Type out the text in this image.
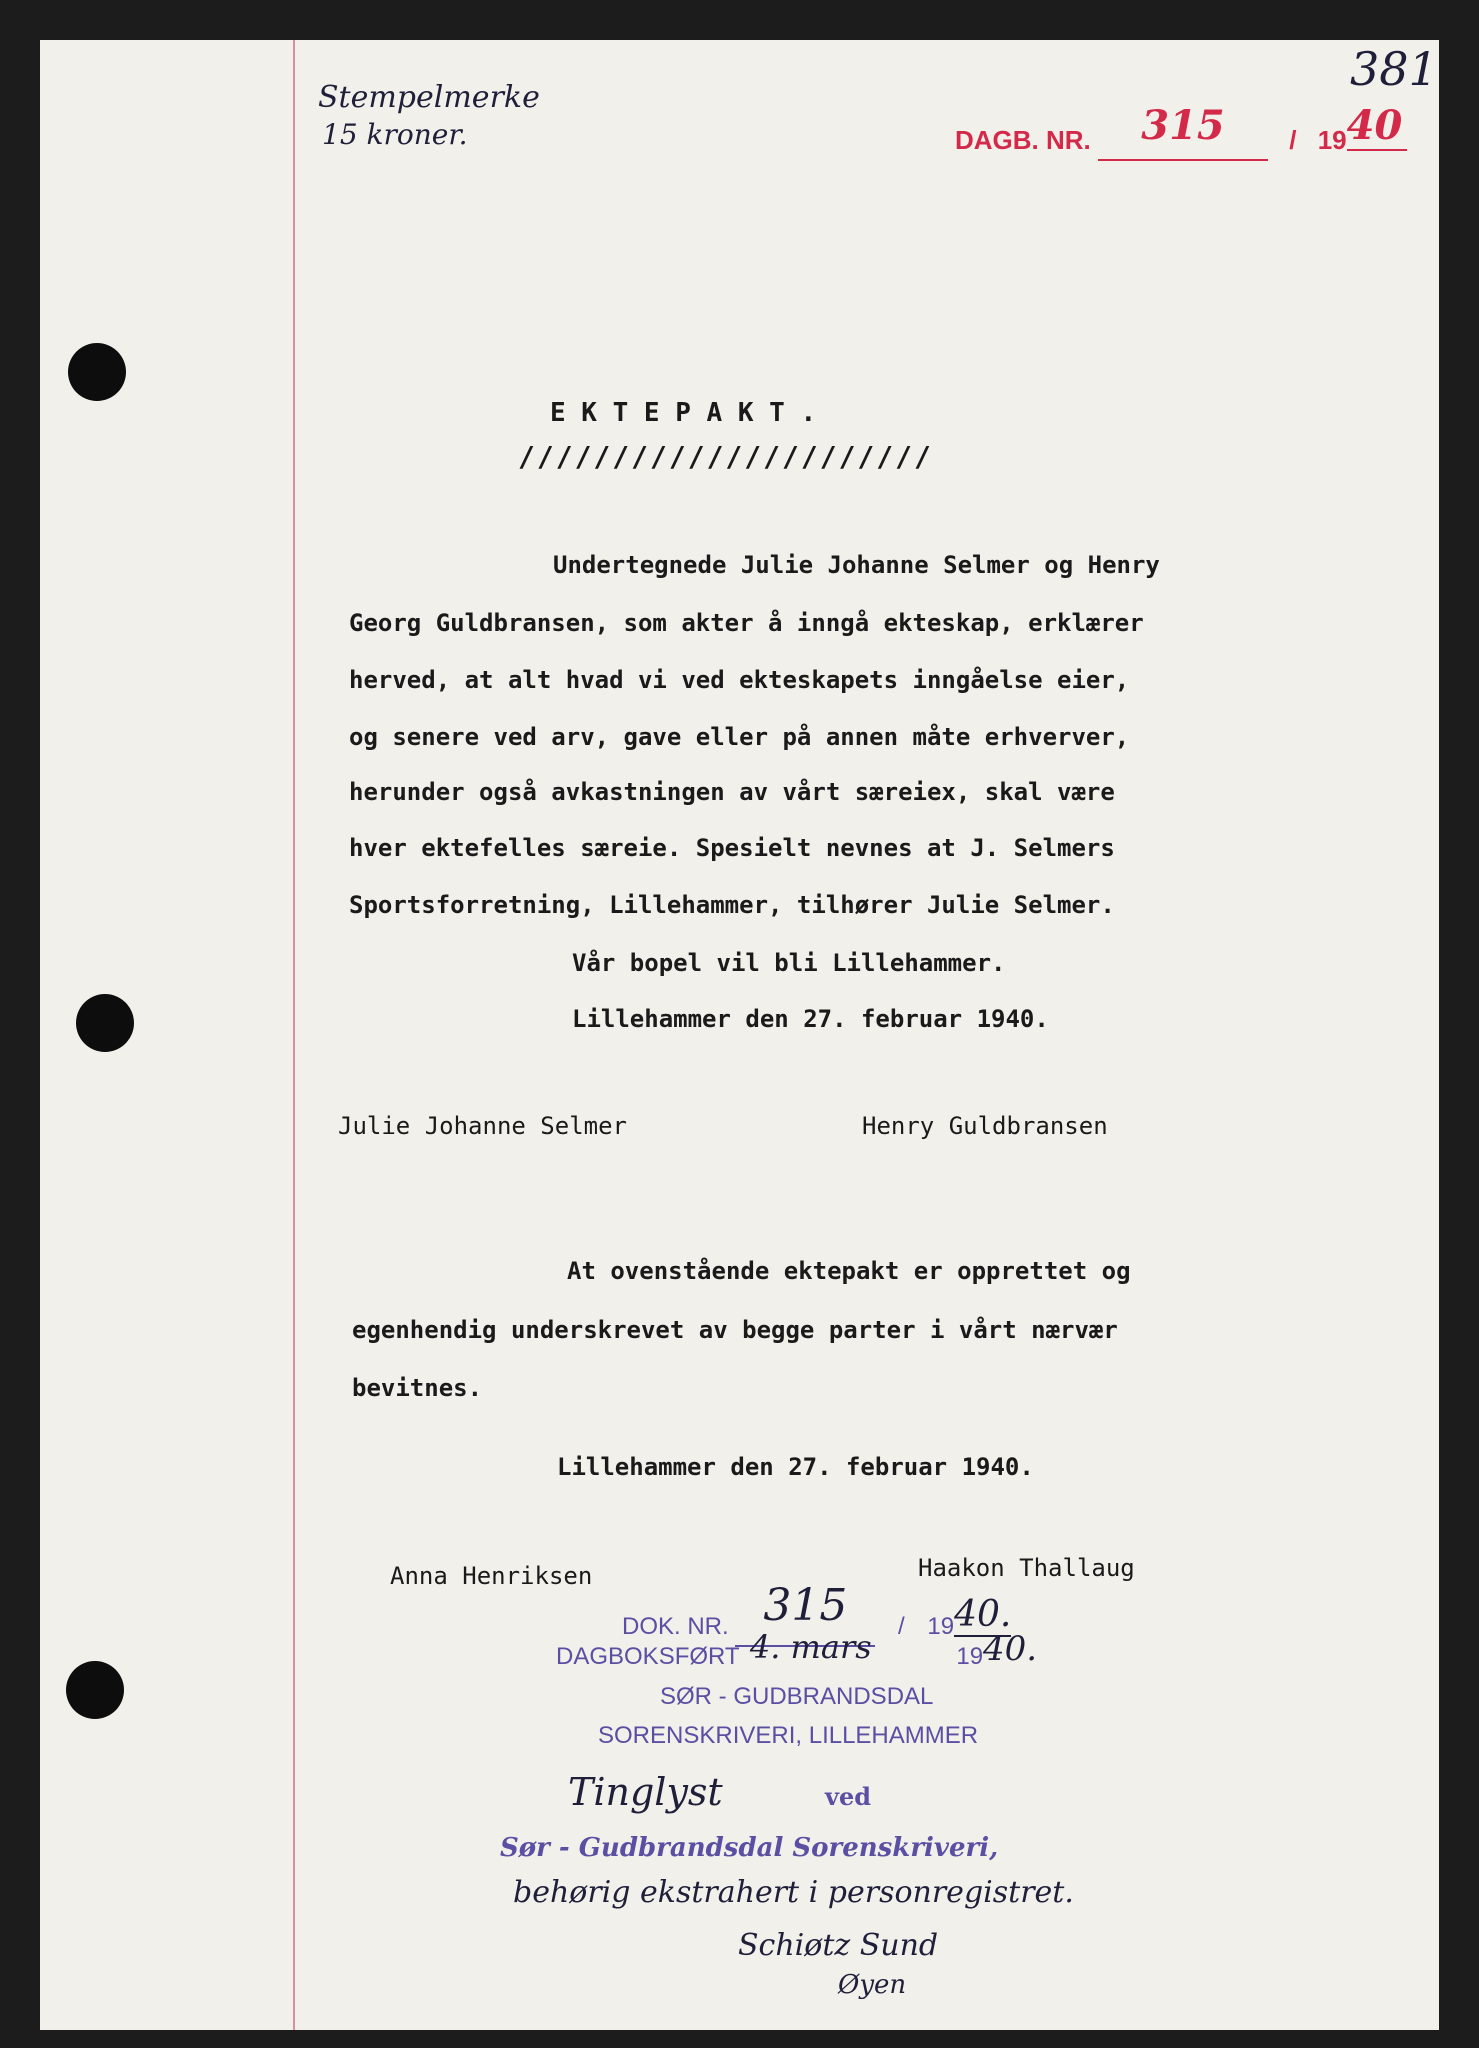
Stempelmerke
15 kroner.
381
DAGB. NR. 315 / 1940
E K T E P A K T .
//////////////////////
Undertegnede Julie Johanne Selmer og Henry
Georg Guldbransen, som akter å inngå ekteskap, erklærer
herved, at alt hvad vi ved ekteskapets inngåelse eier,
og senere ved arv, gave eller på annen måte erhverver,
herunder også avkastningen av vårt særeiex, skal være
hver ektefelles særeie. Spesielt nevnes at J. Selmers
Sportsforretning, Lillehammer, tilhører Julie Selmer.
Vår bopel vil bli Lillehammer.
Lillehammer den 27. februar 1940.
Julie Johanne Selmer	Henry Guldbransen
At ovenstående ektepakt er opprettet og
egenhendig underskrevet av begge parter i vårt nærvær
bevitnes.
Lillehammer den 27. februar 1940.
Anna Henriksen	Haakon Thallaug
DOK. NR. 315 / 1940.
DAGBOKSFØRT 4. mars	1940.
SØR - GUDBRANDSDAL
SORENSKRIVERI, LILLEHAMMER
Tinglyst	ved
Sør - Gudbrandsdal Sorenskriveri,
behørig ekstrahert i personregistret.
Schiøtz Sund
Øyen
